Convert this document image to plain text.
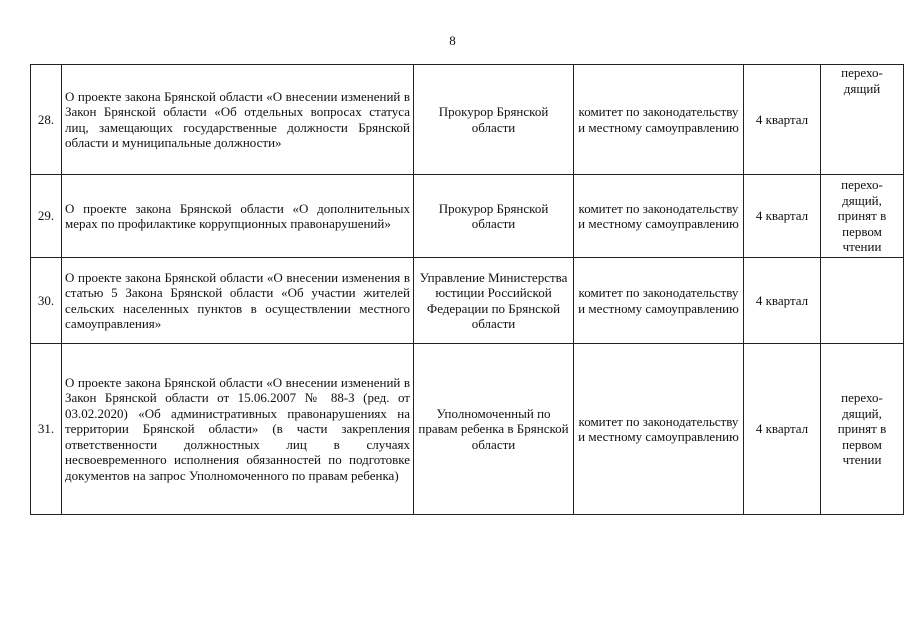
8
28.	О проекте закона Брянской области «О внесении изменений в Закон Брянской области «Об отдельных вопросах статуса лиц, замещающих государственные должности Брянской области и муниципальные должности»	Прокурор Брянской области	комитет по законодательству и местному самоуправлению	4 квартал	перехо-дящий
29.	О проекте закона Брянской области «О дополнительных мерах по профилактике коррупционных правонарушений»	Прокурор Брянской области	комитет по законодательству и местному самоуправлению	4 квартал	перехо-дящий, принят в первом чтении
30.	О проекте закона Брянской области «О внесении изменения в статью 5 Закона Брянской области «Об участии жителей сельских населенных пунктов в осуществлении местного самоуправления»	Управление Министерства юстиции Российской Федерации по Брянской области	комитет по законодательству и местному самоуправлению	4 квартал	
31.	О проекте закона Брянской области «О внесении изменений в Закон Брянской области от 15.06.2007 № 88-З (ред. от 03.02.2020) «Об административных правонарушениях на территории Брянской области» (в части закрепления ответственности должностных лиц в случаях несвоевременного исполнения обязанностей по подготовке документов на запрос Уполномоченного по правам ребенка)	Уполномоченный по правам ребенка в Брянской области	комитет по законодательству и местному самоуправлению	4 квартал	перехо-дящий, принят в первом чтении
